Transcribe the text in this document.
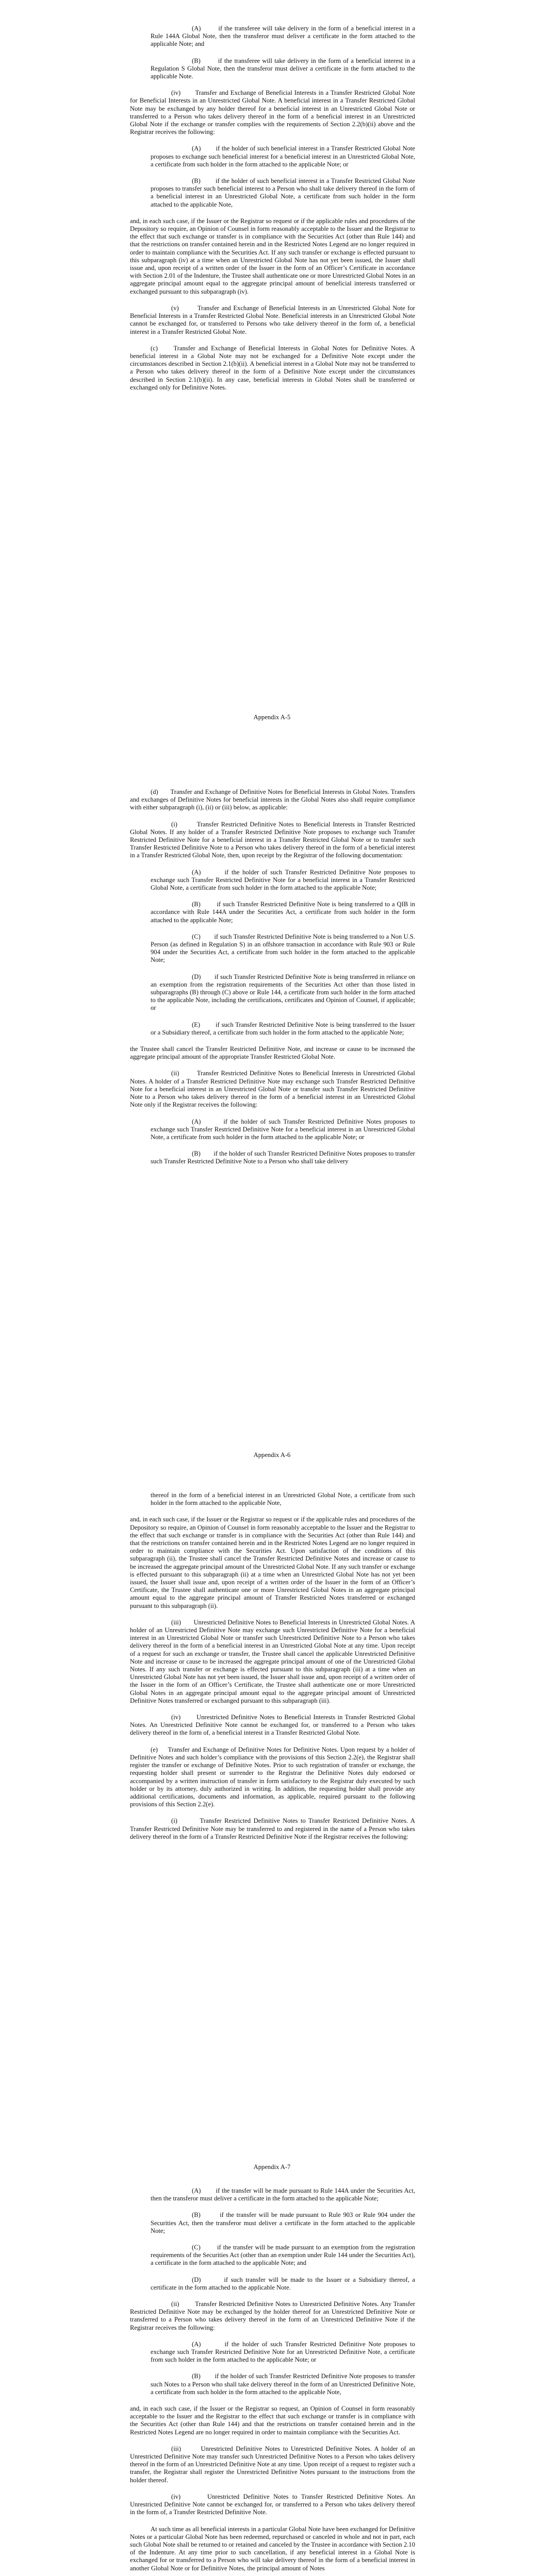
(A)        if the transferee will take delivery in the form of a beneficial interest in a Rule 144A Global Note, then the transferor must deliver a certificate in the form attached to the applicable Note; and

(B)        if the transferee will take delivery in the form of a beneficial interest in a Regulation S Global Note, then the transferor must deliver a certificate in the form attached to the applicable Note.

(iv)       Transfer and Exchange of Beneficial Interests in a Transfer Restricted Global Note for Beneficial Interests in an Unrestricted Global Note. A beneficial interest in a Transfer Restricted Global Note may be exchanged by any holder thereof for a beneficial interest in an Unrestricted Global Note or transferred to a Person who takes delivery thereof in the form of a beneficial interest in an Unrestricted Global Note if the exchange or transfer complies with the requirements of Section 2.2(b)(ii) above and the Registrar receives the following:

(A)        if the holder of such beneficial interest in a Transfer Restricted Global Note proposes to exchange such beneficial interest for a beneficial interest in an Unrestricted Global Note, a certificate from such holder in the form attached to the applicable Note; or

(B)        if the holder of such beneficial interest in a Transfer Restricted Global Note proposes to transfer such beneficial interest to a Person who shall take delivery thereof in the form of a beneficial interest in an Unrestricted Global Note, a certificate from such holder in the form attached to the applicable Note,

and, in each such case, if the Issuer or the Registrar so request or if the applicable rules and procedures of the Depository so require, an Opinion of Counsel in form reasonably acceptable to the Issuer and the Registrar to the effect that such exchange or transfer is in compliance with the Securities Act (other than Rule 144) and that the restrictions on transfer contained herein and in the Restricted Notes Legend are no longer required in order to maintain compliance with the Securities Act. If any such transfer or exchange is effected pursuant to this subparagraph (iv) at a time when an Unrestricted Global Note has not yet been issued, the Issuer shall issue and, upon receipt of a written order of the Issuer in the form of an Officer’s Certificate in accordance with Section 2.01 of the Indenture, the Trustee shall authenticate one or more Unrestricted Global Notes in an aggregate principal amount equal to the aggregate principal amount of beneficial interests transferred or exchanged pursuant to this subparagraph (iv).

(v)        Transfer and Exchange of Beneficial Interests in an Unrestricted Global Note for Beneficial Interests in a Transfer Restricted Global Note. Beneficial interests in an Unrestricted Global Note cannot be exchanged for, or transferred to Persons who take delivery thereof in the form of, a beneficial interest in a Transfer Restricted Global Note.

(c)     Transfer and Exchange of Beneficial Interests in Global Notes for Definitive Notes. A beneficial interest in a Global Note may not be exchanged for a Definitive Note except under the circumstances described in Section 2.1(b)(ii). A beneficial interest in a Global Note may not be transferred to a Person who takes delivery thereof in the form of a Definitive Note except under the circumstances described in Section 2.1(b)(ii). In any case, beneficial interests in Global Notes shall be transferred or exchanged only for Definitive Notes.

Appendix A-5

(d)       Transfer and Exchange of Definitive Notes for Beneficial Interests in Global Notes. Transfers and exchanges of Definitive Notes for beneficial interests in the Global Notes also shall require compliance with either subparagraph (i), (ii) or (iii) below, as applicable:

(i)        Transfer Restricted Definitive Notes to Beneficial Interests in Transfer Restricted Global Notes. If any holder of a Transfer Restricted Definitive Note proposes to exchange such Transfer Restricted Definitive Note for a beneficial interest in a Transfer Restricted Global Note or to transfer such Transfer Restricted Definitive Note to a Person who takes delivery thereof in the form of a beneficial interest in a Transfer Restricted Global Note, then, upon receipt by the Registrar of the following documentation:

(A)        if the holder of such Transfer Restricted Definitive Note proposes to exchange such Transfer Restricted Definitive Note for a beneficial interest in a Transfer Restricted Global Note, a certificate from such holder in the form attached to the applicable Note;

(B)        if such Transfer Restricted Definitive Note is being transferred to a QIB in accordance with Rule 144A under the Securities Act, a certificate from such holder in the form attached to the applicable Note;

(C)        if such Transfer Restricted Definitive Note is being transferred to a Non U.S. Person (as defined in Regulation S) in an offshore transaction in accordance with Rule 903 or Rule 904 under the Securities Act, a certificate from such holder in the form attached to the applicable Note;

(D)        if such Transfer Restricted Definitive Note is being transferred in reliance on an exemption from the registration requirements of the Securities Act other than those listed in subparagraphs (B) through (C) above or Rule 144, a certificate from such holder in the form attached to the applicable Note, including the certifications, certificates and Opinion of Counsel, if applicable; or

(E)        if such Transfer Restricted Definitive Note is being transferred to the Issuer or a Subsidiary thereof, a certificate from such holder in the form attached to the applicable Note;

the Trustee shall cancel the Transfer Restricted Definitive Note, and increase or cause to be increased the aggregate principal amount of the appropriate Transfer Restricted Global Note.

(ii)        Transfer Restricted Definitive Notes to Beneficial Interests in Unrestricted Global Notes. A holder of a Transfer Restricted Definitive Note may exchange such Transfer Restricted Definitive Note for a beneficial interest in an Unrestricted Global Note or transfer such Transfer Restricted Definitive Note to a Person who takes delivery thereof in the form of a beneficial interest in an Unrestricted Global Note only if the Registrar receives the following:

(A)        if the holder of such Transfer Restricted Definitive Notes proposes to exchange such Transfer Restricted Definitive Note for a beneficial interest in an Unrestricted Global Note, a certificate from such holder in the form attached to the applicable Note; or

(B)        if the holder of such Transfer Restricted Definitive Notes proposes to transfer such Transfer Restricted Definitive Note to a Person who shall take delivery

Appendix A-6

thereof in the form of a beneficial interest in an Unrestricted Global Note, a certificate from such holder in the form attached to the applicable Note,

and, in each such case, if the Issuer or the Registrar so request or if the applicable rules and procedures of the Depository so require, an Opinion of Counsel in form reasonably acceptable to the Issuer and the Registrar to the effect that such exchange or transfer is in compliance with the Securities Act (other than Rule 144) and that the restrictions on transfer contained herein and in the Restricted Notes Legend are no longer required in order to maintain compliance with the Securities Act. Upon satisfaction of the conditions of this subparagraph (ii), the Trustee shall cancel the Transfer Restricted Definitive Notes and increase or cause to be increased the aggregate principal amount of the Unrestricted Global Note. If any such transfer or exchange is effected pursuant to this subparagraph (ii) at a time when an Unrestricted Global Note has not yet been issued, the Issuer shall issue and, upon receipt of a written order of the Issuer in the form of an Officer’s Certificate, the Trustee shall authenticate one or more Unrestricted Global Notes in an aggregate principal amount equal to the aggregate principal amount of Transfer Restricted Notes transferred or exchanged pursuant to this subparagraph (ii).

(iii)       Unrestricted Definitive Notes to Beneficial Interests in Unrestricted Global Notes. A holder of an Unrestricted Definitive Note may exchange such Unrestricted Definitive Note for a beneficial interest in an Unrestricted Global Note or transfer such Unrestricted Definitive Note to a Person who takes delivery thereof in the form of a beneficial interest in an Unrestricted Global Note at any time. Upon receipt of a request for such an exchange or transfer, the Trustee shall cancel the applicable Unrestricted Definitive Note and increase or cause to be increased the aggregate principal amount of one of the Unrestricted Global Notes. If any such transfer or exchange is effected pursuant to this subparagraph (iii) at a time when an Unrestricted Global Note has not yet been issued, the Issuer shall issue and, upon receipt of a written order of the Issuer in the form of an Officer’s Certificate, the Trustee shall authenticate one or more Unrestricted Global Notes in an aggregate principal amount equal to the aggregate principal amount of Unrestricted Definitive Notes transferred or exchanged pursuant to this subparagraph (iii).

(iv)       Unrestricted Definitive Notes to Beneficial Interests in Transfer Restricted Global Notes. An Unrestricted Definitive Note cannot be exchanged for, or transferred to a Person who takes delivery thereof in the form of, a beneficial interest in a Transfer Restricted Global Note.

(e)     Transfer and Exchange of Definitive Notes for Definitive Notes. Upon request by a holder of Definitive Notes and such holder’s compliance with the provisions of this Section 2.2(e), the Registrar shall register the transfer or exchange of Definitive Notes. Prior to such registration of transfer or exchange, the requesting holder shall present or surrender to the Registrar the Definitive Notes duly endorsed or accompanied by a written instruction of transfer in form satisfactory to the Registrar duly executed by such holder or by its attorney, duly authorized in writing. In addition, the requesting holder shall provide any additional certifications, documents and information, as applicable, required pursuant to the following provisions of this Section 2.2(e).

(i)        Transfer Restricted Definitive Notes to Transfer Restricted Definitive Notes. A Transfer Restricted Definitive Note may be transferred to and registered in the name of a Person who takes delivery thereof in the form of a Transfer Restricted Definitive Note if the Registrar receives the following:

Appendix A-7

(A)        if the transfer will be made pursuant to Rule 144A under the Securities Act, then the transferor must deliver a certificate in the form attached to the applicable Note;

(B)        if the transfer will be made pursuant to Rule 903 or Rule 904 under the Securities Act, then the transferor must deliver a certificate in the form attached to the applicable Note;

(C)        if the transfer will be made pursuant to an exemption from the registration requirements of the Securities Act (other than an exemption under Rule 144 under the Securities Act), a certificate in the form attached to the applicable Note; and

(D)        if such transfer will be made to the Issuer or a Subsidiary thereof, a certificate in the form attached to the applicable Note.

(ii)        Transfer Restricted Definitive Notes to Unrestricted Definitive Notes. Any Transfer Restricted Definitive Note may be exchanged by the holder thereof for an Unrestricted Definitive Note or transferred to a Person who takes delivery thereof in the form of an Unrestricted Definitive Note if the Registrar receives the following:

(A)        if the holder of such Transfer Restricted Definitive Note proposes to exchange such Transfer Restricted Definitive Note for an Unrestricted Definitive Note, a certificate from such holder in the form attached to the applicable Note; or

(B)        if the holder of such Transfer Restricted Definitive Note proposes to transfer such Notes to a Person who shall take delivery thereof in the form of an Unrestricted Definitive Note, a certificate from such holder in the form attached to the applicable Note,

and, in each such case, if the Issuer or the Registrar so request, an Opinion of Counsel in form reasonably acceptable to the Issuer and the Registrar to the effect that such exchange or transfer is in compliance with the Securities Act (other than Rule 144) and that the restrictions on transfer contained herein and in the Restricted Notes Legend are no longer required in order to maintain compliance with the Securities Act.

(iii)       Unrestricted Definitive Notes to Unrestricted Definitive Notes. A holder of an Unrestricted Definitive Note may transfer such Unrestricted Definitive Notes to a Person who takes delivery thereof in the form of an Unrestricted Definitive Note at any time. Upon receipt of a request to register such a transfer, the Registrar shall register the Unrestricted Definitive Notes pursuant to the instructions from the holder thereof.

(iv)       Unrestricted Definitive Notes to Transfer Restricted Definitive Notes. An Unrestricted Definitive Note cannot be exchanged for, or transferred to a Person who takes delivery thereof in the form of, a Transfer Restricted Definitive Note.

At such time as all beneficial interests in a particular Global Note have been exchanged for Definitive Notes or a particular Global Note has been redeemed, repurchased or canceled in whole and not in part, each such Global Note shall be returned to or retained and canceled by the Trustee in accordance with Section 2.10 of the Indenture. At any time prior to such cancellation, if any beneficial interest in a Global Note is exchanged for or transferred to a Person who will take delivery thereof in the form of a beneficial interest in another Global Note or for Definitive Notes, the principal amount of Notes
